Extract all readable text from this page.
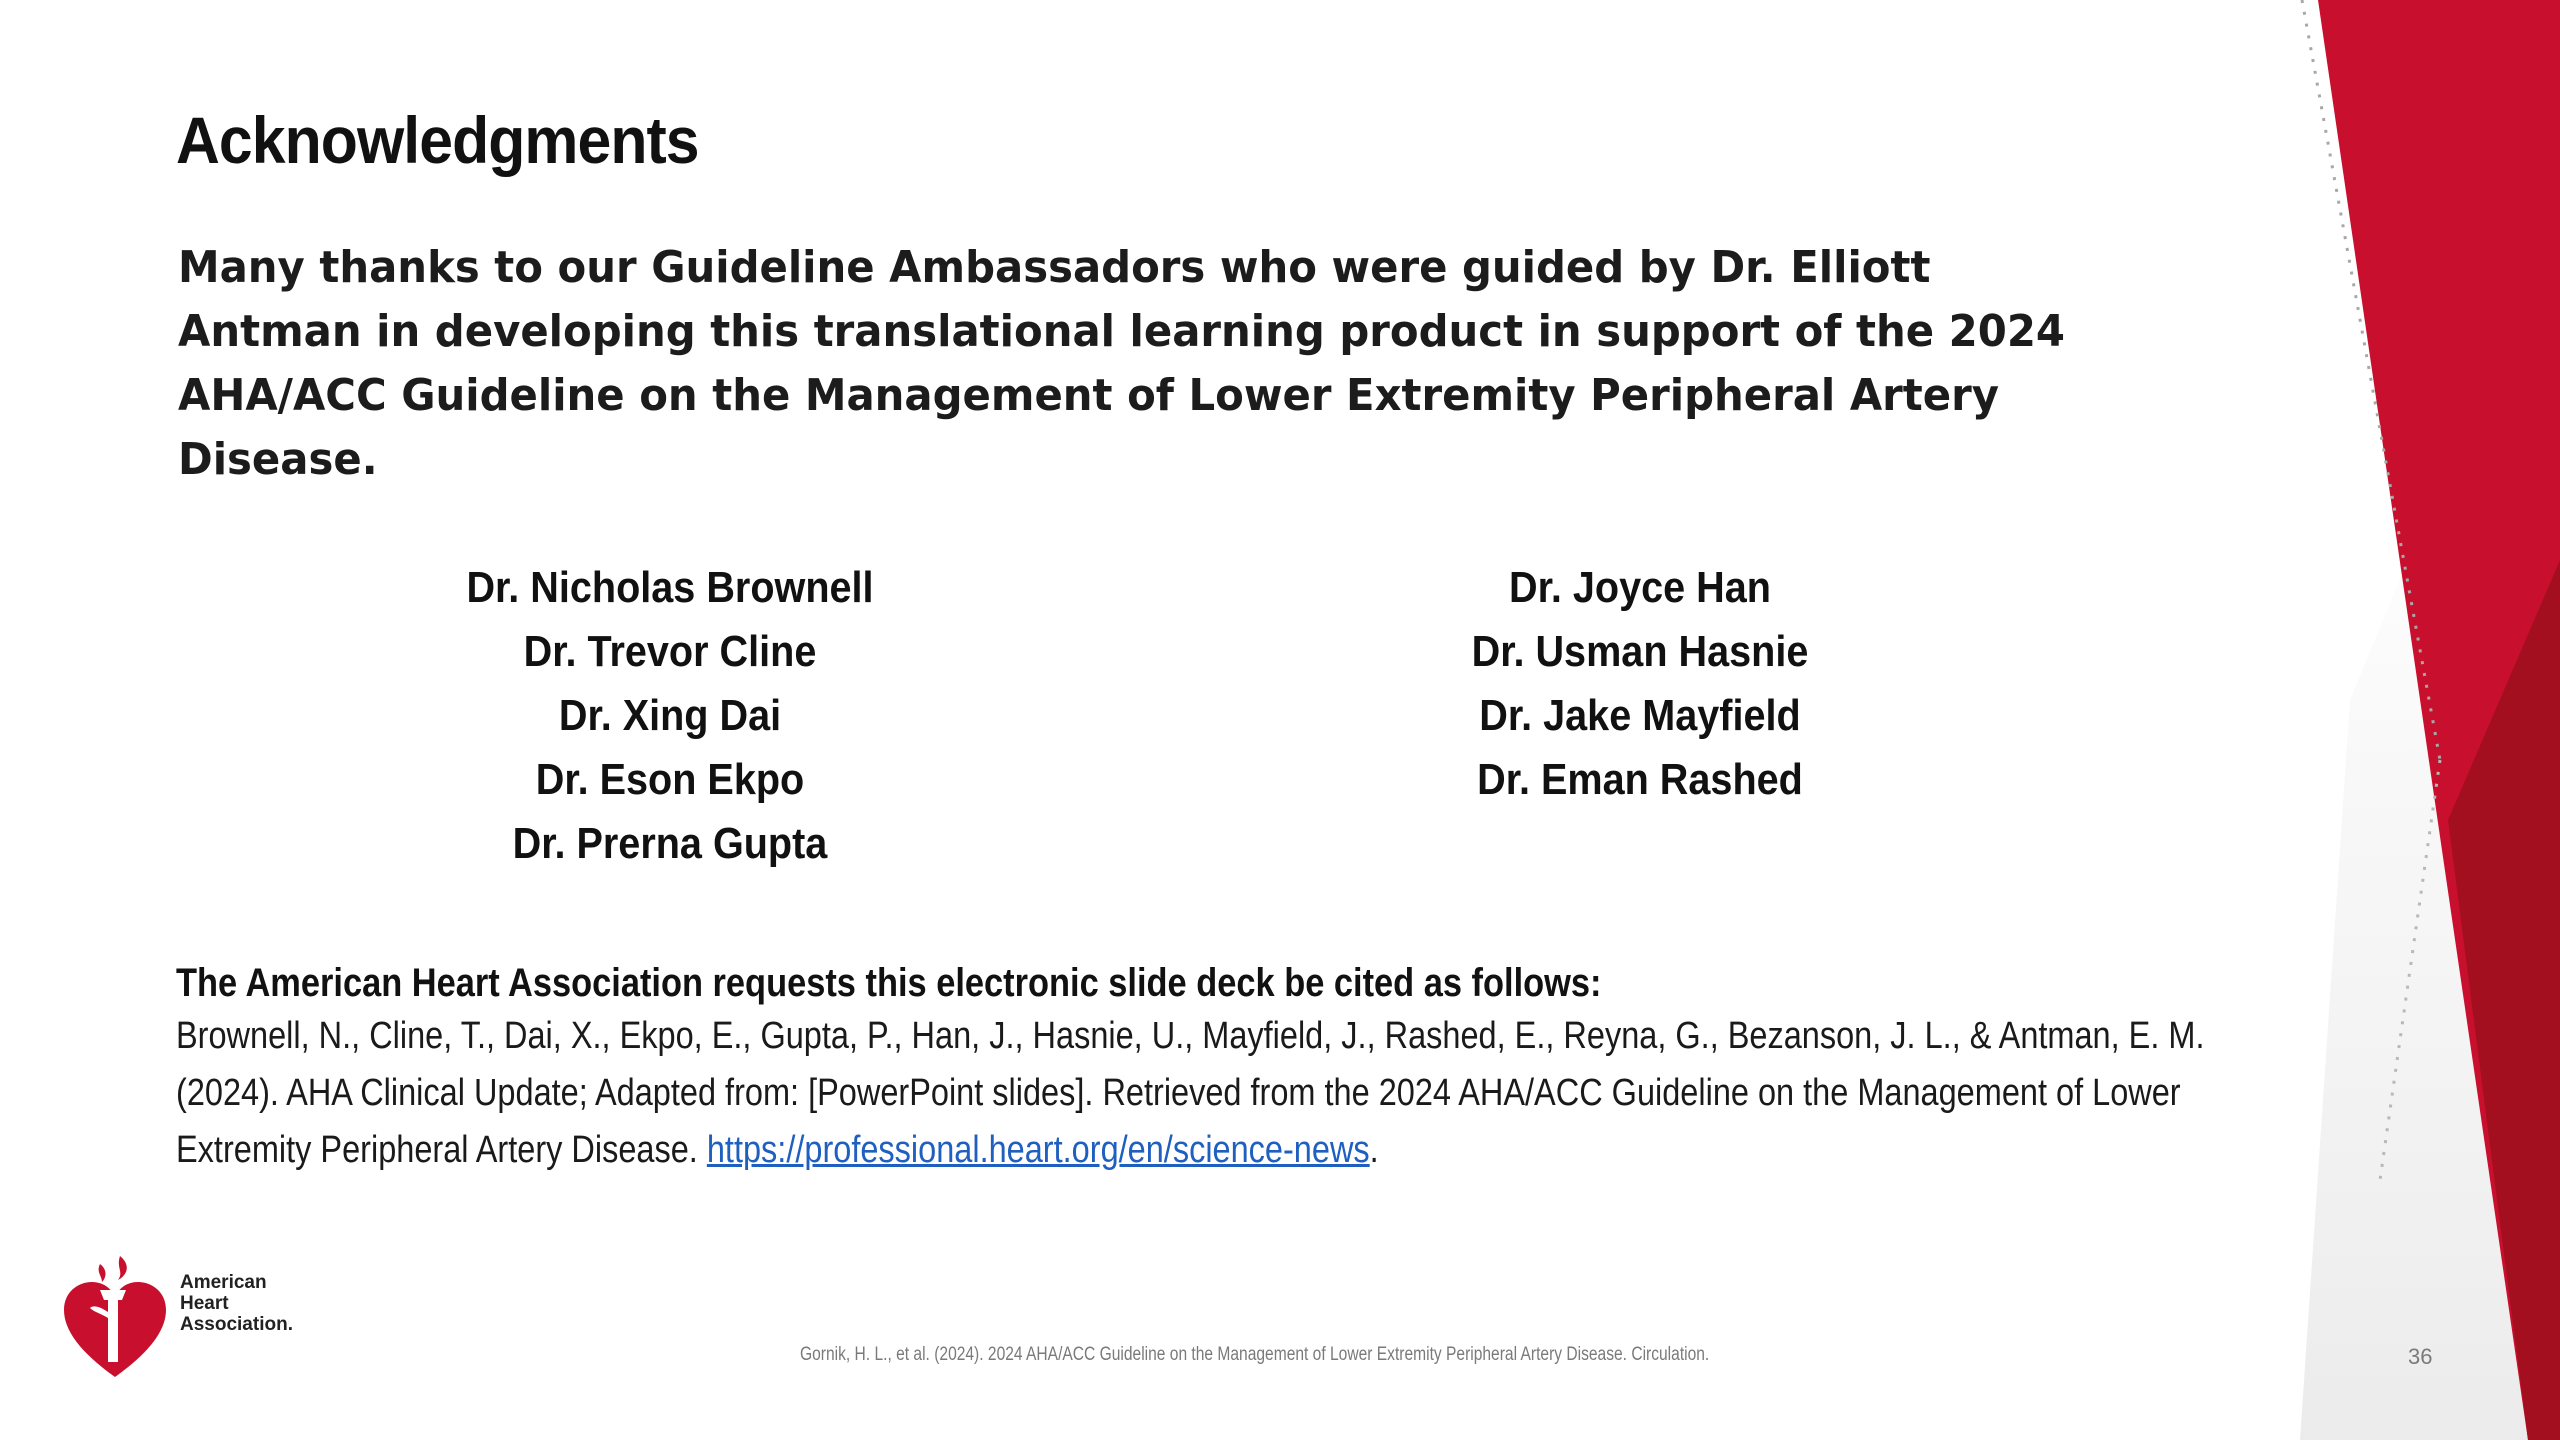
Acknowledgments
Many thanks to our Guideline Ambassadors who were guided by Dr. Elliott Antman in developing this translational learning product in support of the 2024 AHA/ACC Guideline on the Management of Lower Extremity Peripheral Artery Disease.
Dr. Nicholas Brownell
Dr. Trevor Cline
Dr. Xing Dai
Dr. Eson Ekpo
Dr. Prerna Gupta
Dr. Joyce Han
Dr. Usman Hasnie
Dr. Jake Mayfield
Dr. Eman Rashed
The American Heart Association requests this electronic slide deck be cited as follows:
Brownell, N., Cline, T., Dai, X., Ekpo, E., Gupta, P., Han, J., Hasnie, U., Mayfield, J., Rashed, E., Reyna, G., Bezanson, J. L., & Antman, E. M. (2024). AHA Clinical Update; Adapted from: [PowerPoint slides]. Retrieved from the 2024 AHA/ACC Guideline on the Management of Lower Extremity Peripheral Artery Disease. https://professional.heart.org/en/science-news.
American
Heart
Association.
Gornik, H. L., et al. (2024). 2024 AHA/ACC Guideline on the Management of Lower Extremity Peripheral Artery Disease. Circulation.	36
